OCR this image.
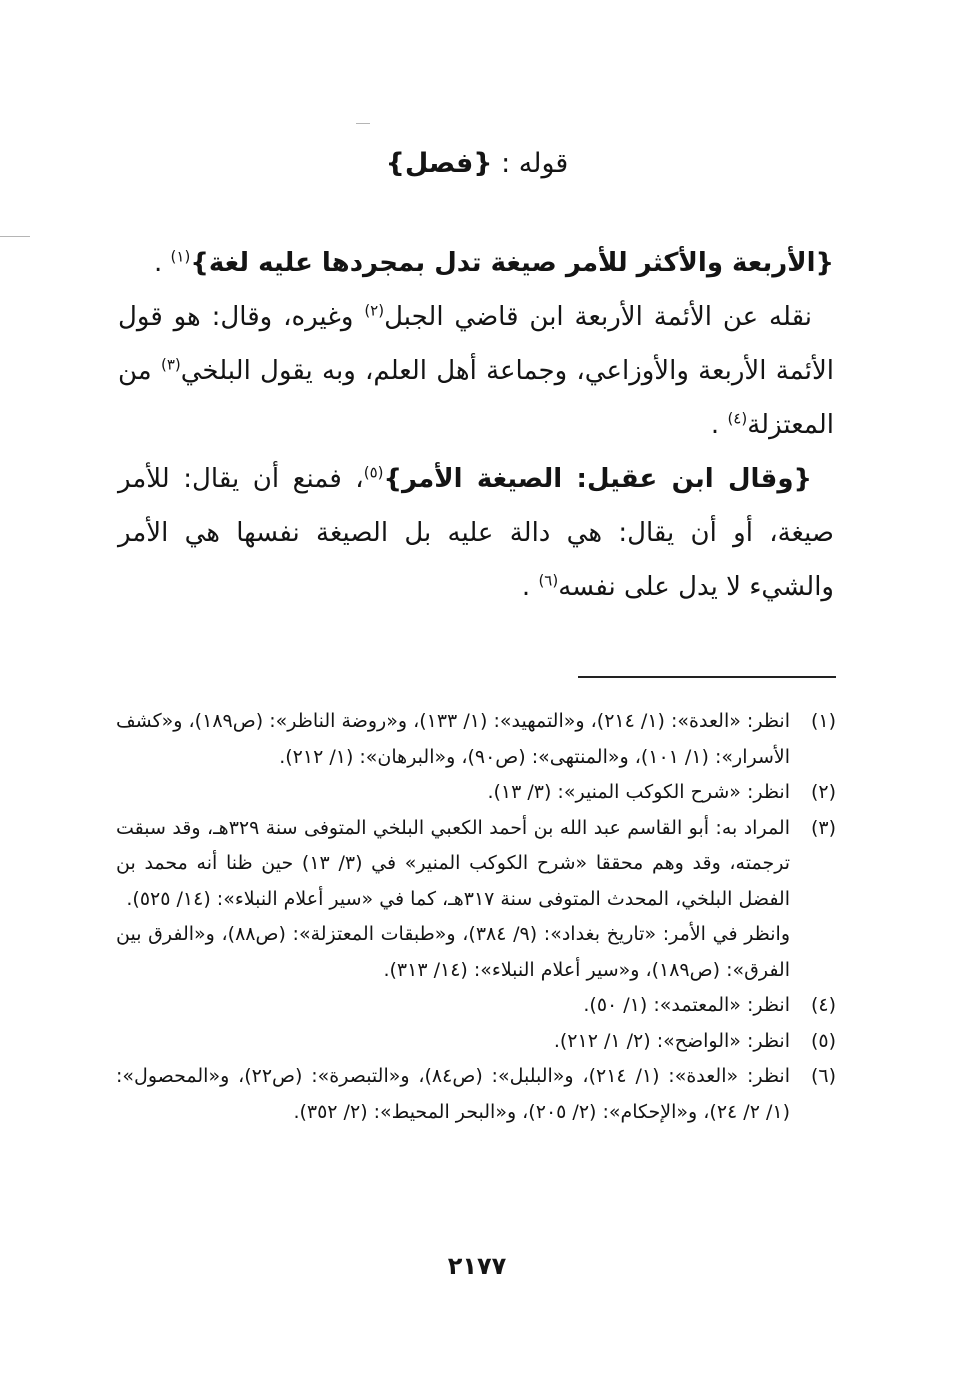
قوله : {فصل}

{الأربعة والأكثر للأمر صيغة تدل بمجردها عليه لغة}$^{(١)}$ .

نقله عن الأئمة الأربعة ابن قاضي الجبل$^{(٢)}$ وغيره، وقال: هو قول الأئمة الأربعة والأوزاعي، وجماعة أهل العلم، وبه يقول البلخي$^{(٣)}$ من المعتزلة$^{(٤)}$ .

{وقال ابن عقيل: الصيغة الأمر}$^{(٥)}$، فمنع أن يقال: للأمر صيغة، أو أن يقال: هي دالة عليه بل الصيغة نفسها هي الأمر والشيء لا يدل على نفسه$^{(٦)}$ .

(١)
انظر: «العدة»: (١/ ٢١٤)، و«التمهيد»: (١/ ١٣٣)، و«روضة الناظر»: (ص١٨٩)، و«كشف الأسرار»: (١/ ١٠١)، و«المنتهى»: (ص٩٠)، و«البرهان»: (١/ ٢١٢).
(٢)
انظر: «شرح الكوكب المنير»: (٣/ ١٣).
(٣)
المراد به: أبو القاسم عبد الله بن أحمد الكعبي البلخي المتوفى سنة ٣٢٩هـ، وقد سبقت ترجمته، وقد وهم محققا «شرح الكوكب المنير» في (٣/ ١٣) حين ظنا أنه محمد بن الفضل البلخي، المحدث المتوفى سنة ٣١٧هـ، كما في «سير أعلام النبلاء»: (١٤/ ٥٢٥).
وانظر في الأمر: «تاريخ بغداد»: (٩/ ٣٨٤)، و«طبقات المعتزلة»: (ص٨٨)، و«الفرق بين الفرق»: (ص١٨٩)، و«سير أعلام النبلاء»: (١٤/ ٣١٣).
(٤)
انظر: «المعتمد»: (١/ ٥٠).
(٥)
انظر: «الواضح»: (٢/ ١/ ٢١٢).
(٦)
انظر: «العدة»: (١/ ٢١٤)، و«البلبل»: (ص٨٤)، و«التبصرة»: (ص٢٢)، و«المحصول»: (١/ ٢/ ٢٤)، و«الإحكام»: (٢/ ٢٠٥)، و«البحر المحيط»: (٢/ ٣٥٢).
٢١٧٧
